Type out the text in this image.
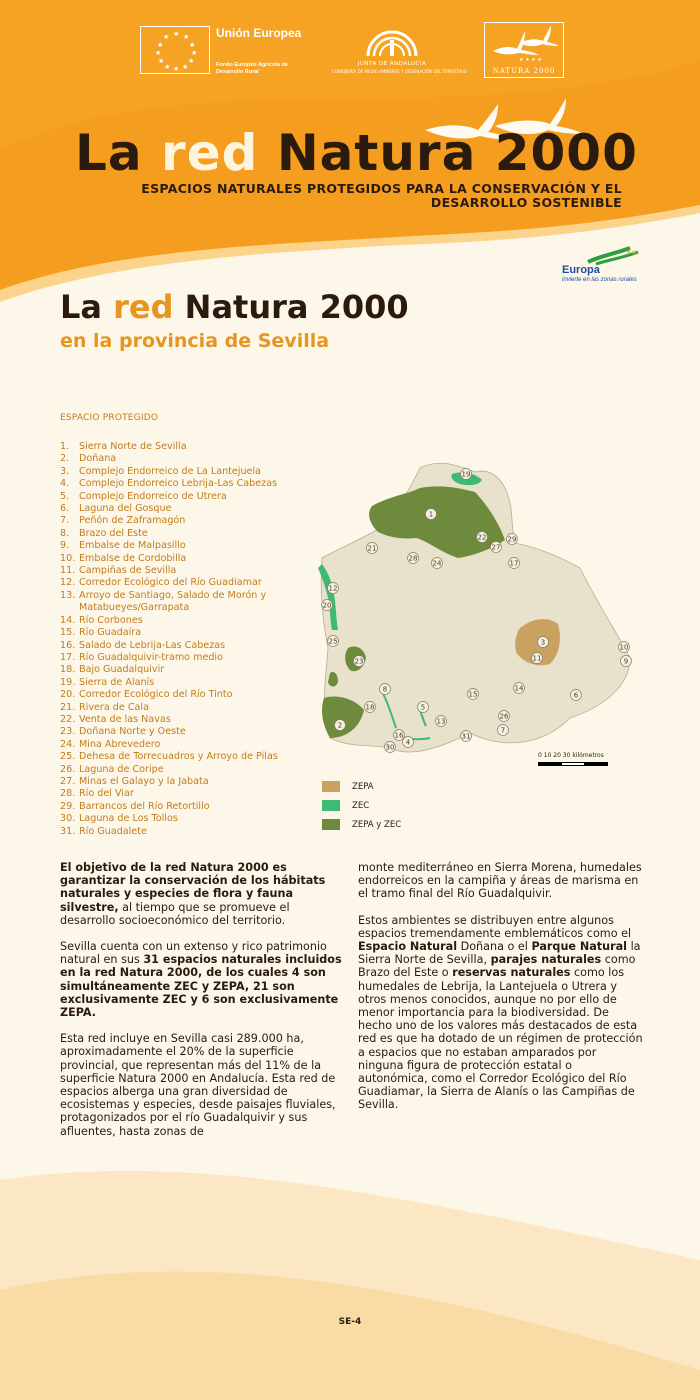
★ ★
★
★
★
★
★
★
★
★
★
★	Unión Europea
Fondo Europeo Agrícola de Desarrollo Rural
JUNTA DE ANDALUCIA
CONSEJERÍA DE MEDIO AMBIENTE Y ORDENACIÓN DEL TERRITORIO
★ ★ ★ ★
NATURA 2000
La red Natura 2000
ESPACIOS NATURALES PROTEGIDOS PARA LA CONSERVACIÓN Y EL DESARROLLO SOSTENIBLE
★★
Europa
invierte en las zonas rurales
La red Natura 2000
en la provincia de Sevilla
ESPACIO PROTEGIDO
1.	Sierra Norte de Sevilla
2.	Doñana
3.	Complejo Endorreico de La Lantejuela
4.	Complejo Endorreico Lebrija-Las Cabezas
5.	Complejo Endorreico de Utrera
6.	Laguna del Gosque
7.	Peñón de Zaframagón
8.	Brazo del Este
9.	Embalse de Malpasillo
10. Embalse de Cordobilla
11. Campiñas de Sevilla
12. Corredor Ecológico del Río Guadiamar
13. Arroyo de Santiago, Salado de Morón y Matabueyes/Garrapata
14. Río Corbones
15. Río Guadaíra
16. Salado de Lebrija-Las Cabezas
17. Río Guadalquivir-tramo medio
18. Bajo Guadalquivir
19. Sierra de Alanís
20. Corredor Ecológico del Río Tinto
21. Rivera de Cala
22. Venta de las Navas
23. Doñana Norte y Oeste
24. Mina Abrevedero
25. Dehesa de Torrecuadros y Arroyo de Pilas
26. Laguna de Coripe
27. Minas el Galayo y la Jabata
28. Río del Viar
29. Barrancos del Río Retortillo
30. Laguna de Los Tollos
31. Río Guadalete
1
2
3
4
5
6
7
8
9
10
11
12
13
14
15
16
17
18
19
20
21
22
23
24
25
26
27
28
29
30
31
0 10 20 30 kilómetros
ZEPA
ZEC
ZEPA y ZEC

El objetivo de la red Natura 2000 es garantizar la conservación de los hábitats naturales y especies de flora y fauna silvestre, al tiempo que se promueve el desarrollo socioeconómico del territorio.

Sevilla cuenta con un extenso y rico patrimonio natural en sus 31 espacios naturales incluidos en la red Natura 2000, de los cuales 4 son simultáneamente ZEC y ZEPA, 21 son exclusivamente ZEC y 6 son exclusivamente ZEPA.

Esta red incluye en Sevilla casi 289.000 ha, aproximadamente el 20% de la superficie provincial, que representan más del 11% de la superficie Natura 2000 en Andalucía. Esta red de espacios alberga una gran diversidad de ecosistemas y especies, desde paisajes fluviales, protagonizados por el río Guadalquivir y sus afluentes, hasta zonas de

monte mediterráneo en Sierra Morena, humedales endorreicos en la campiña y áreas de marisma en el tramo final del Río Guadalquivir.

Estos ambientes se distribuyen entre algunos espacios tremendamente emblemáticos como el Espacio Natural Doñana o el Parque Natural la Sierra Norte de Sevilla, parajes naturales como Brazo del Este o reservas naturales como los humedales de Lebrija, la Lantejuela o Utrera y otros menos conocidos, aunque no por ello de menor importancia para la biodiversidad. De hecho uno de los valores más destacados de esta red es que ha dotado de un régimen de protección a espacios que no estaban amparados por ninguna figura de protección estatal o autonómica, como el Corredor Ecológico del Río Guadiamar, la Sierra de Alanís o las Campiñas de Sevilla.

SE-4
